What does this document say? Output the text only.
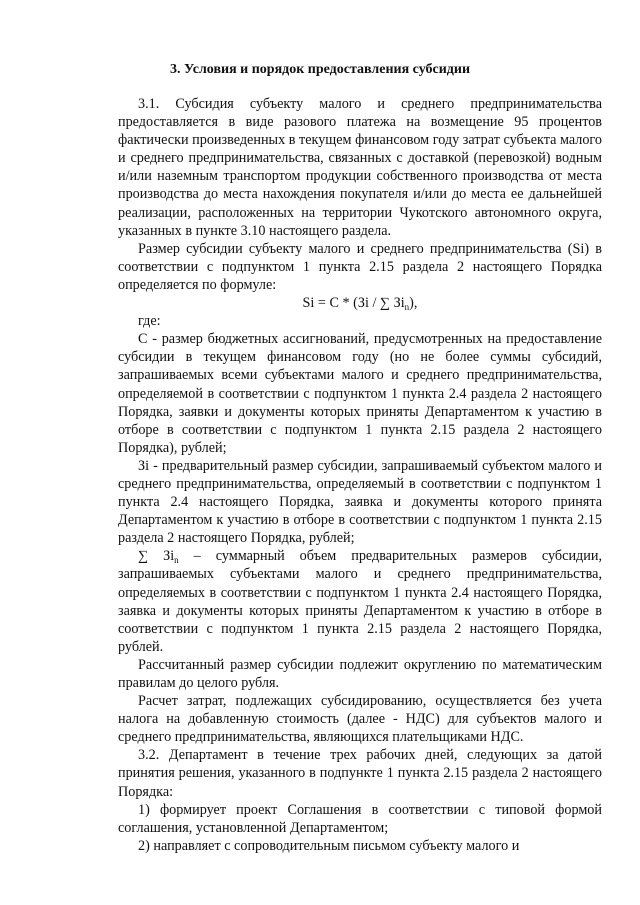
3. Условия и порядок предоставления субсидии

3.1. Субсидия субъекту малого и среднего предпринимательства предоставляется в виде разового платежа на возмещение 95 процентов фактически произведенных в текущем финансовом году затрат субъекта малого и среднего предпринимательства, связанных с доставкой (перевозкой) водным и/или наземным транспортом продукции собственного производства от места производства до места нахождения покупателя и/или до места ее дальнейшей реализации, расположенных на территории Чукотского автономного округа, указанных в пункте 3.10 настоящего раздела.

Размер субсидии субъекту малого и среднего предпринимательства (Si) в соответствии с подпунктом 1 пункта 2.15 раздела 2 настоящего Порядка определяется по формуле:

Si = C * (Зi / ∑ $Зi_n$),

где:

С - размер бюджетных ассигнований, предусмотренных на предоставление субсидии в текущем финансовом году (но не более суммы субсидий, запрашиваемых всеми субъектами малого и среднего предпринимательства, определяемой в соответствии с подпунктом 1 пункта 2.4 раздела 2 настоящего Порядка, заявки и документы которых приняты Департаментом к участию в отборе в соответствии с подпунктом 1 пункта 2.15 раздела 2 настоящего Порядка), рублей;

Зi - предварительный размер субсидии, запрашиваемый субъектом малого и среднего предпринимательства, определяемый в соответствии с подпунктом 1 пункта 2.4 настоящего Порядка, заявка и документы которого принята Департаментом к участию в отборе в соответствии с подпунктом 1 пункта 2.15 раздела 2 настоящего Порядка, рублей;

∑ $Зi_n$ – суммарный объем предварительных размеров субсидии, запрашиваемых субъектами малого и среднего предпринимательства, определяемых в соответствии с подпунктом 1 пункта 2.4 настоящего Порядка, заявка и документы которых приняты Департаментом к участию в отборе в соответствии с подпунктом 1 пункта 2.15 раздела 2 настоящего Порядка, рублей.

Рассчитанный размер субсидии подлежит округлению по математическим правилам до целого рубля.

Расчет затрат, подлежащих субсидированию, осуществляется без учета налога на добавленную стоимость (далее - НДС) для субъектов малого и среднего предпринимательства, являющихся плательщиками НДС.

3.2. Департамент в течение трех рабочих дней, следующих за датой принятия решения, указанного в подпункте 1 пункта 2.15 раздела 2 настоящего Порядка:

1) формирует проект Соглашения в соответствии с типовой формой соглашения, установленной Департаментом;

2) направляет с сопроводительным письмом субъекту малого и
